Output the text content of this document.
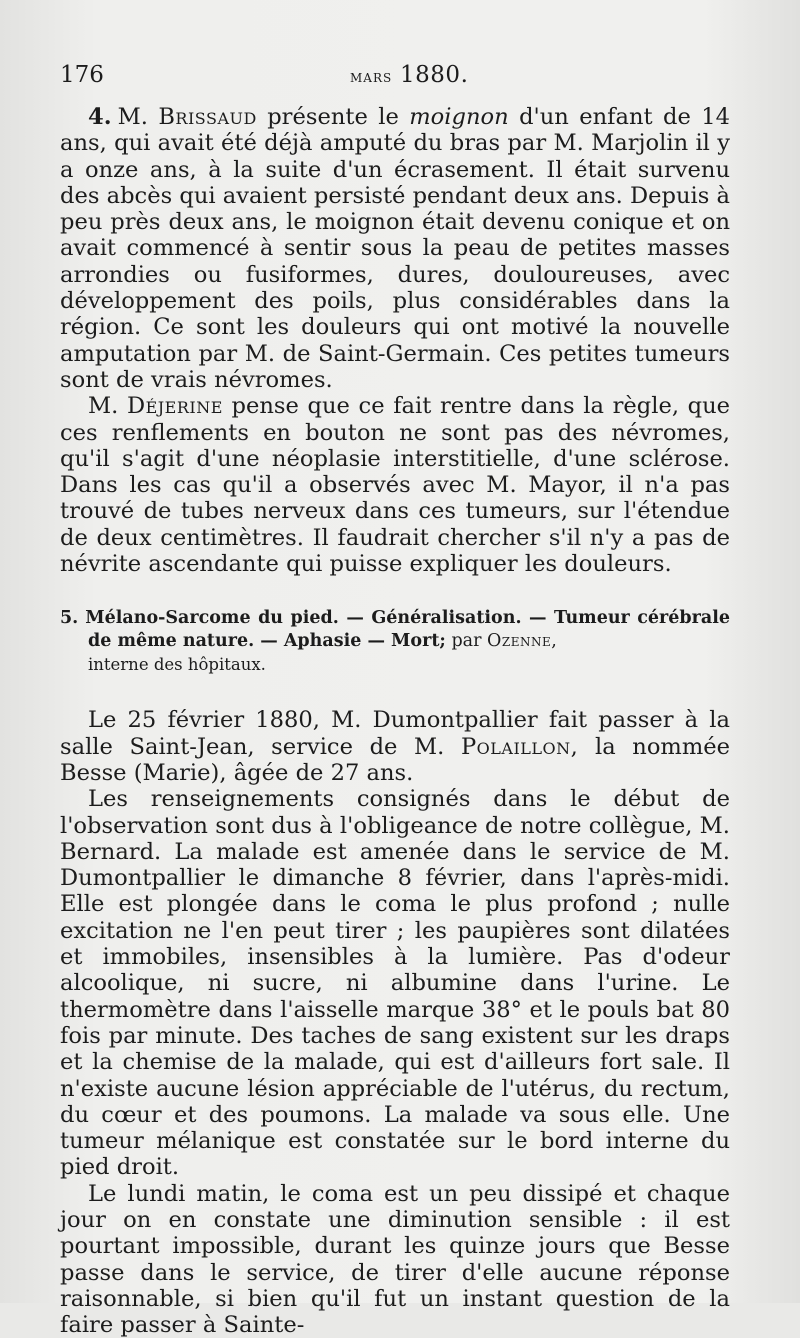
176	mars 1880.

4. M. Brissaud présente le moignon d'un enfant de 14 ans, qui avait été déjà amputé du bras par M. Marjolin il y a onze ans, à la suite d'un écrasement. Il était survenu des abcès qui avaient persisté pendant deux ans. Depuis à peu près deux ans, le moignon était devenu conique et on avait commencé à sentir sous la peau de petites masses arrondies ou fusiformes, dures, douloureuses, avec développement des poils, plus considérables dans la région. Ce sont les douleurs qui ont motivé la nouvelle amputation par M. de Saint-Germain. Ces petites tumeurs sont de vrais névromes.

M. Déjerine pense que ce fait rentre dans la règle, que ces renflements en bouton ne sont pas des névromes, qu'il s'agit d'une néoplasie interstitielle, d'une sclérose. Dans les cas qu'il a observés avec M. Mayor, il n'a pas trouvé de tubes nerveux dans ces tumeurs, sur l'étendue de deux centimètres. Il faudrait chercher s'il n'y a pas de névrite ascendante qui puisse expliquer les douleurs.

5. Mélano-Sarcome du pied. — Généralisation. — Tumeur cérébrale de même nature. — Aphasie — Mort; par Ozenne,
interne des hôpitaux.

Le 25 février 1880, M. Dumontpallier fait passer à la salle Saint-Jean, service de M. Polaillon, la nommée Besse (Marie), âgée de 27 ans.

Les renseignements consignés dans le début de l'observation sont dus à l'obligeance de notre collègue, M. Bernard. La malade est amenée dans le service de M. Dumontpallier le dimanche 8 février, dans l'après-midi. Elle est plongée dans le coma le plus profond ; nulle excitation ne l'en peut tirer ; les paupières sont dilatées et immobiles, insensibles à la lumière. Pas d'odeur alcoolique, ni sucre, ni albumine dans l'urine. Le thermomètre dans l'aisselle marque 38° et le pouls bat 80 fois par minute. Des taches de sang existent sur les draps et la chemise de la malade, qui est d'ailleurs fort sale. Il n'existe aucune lésion appréciable de l'utérus, du rectum, du cœur et des poumons. La malade va sous elle. Une tumeur mélanique est constatée sur le bord interne du pied droit.

Le lundi matin, le coma est un peu dissipé et chaque jour on en constate une diminution sensible : il est pourtant impossible, durant les quinze jours que Besse passe dans le service, de tirer d'elle aucune réponse raisonnable, si bien qu'il fut un instant question de la faire passer à Sainte-
